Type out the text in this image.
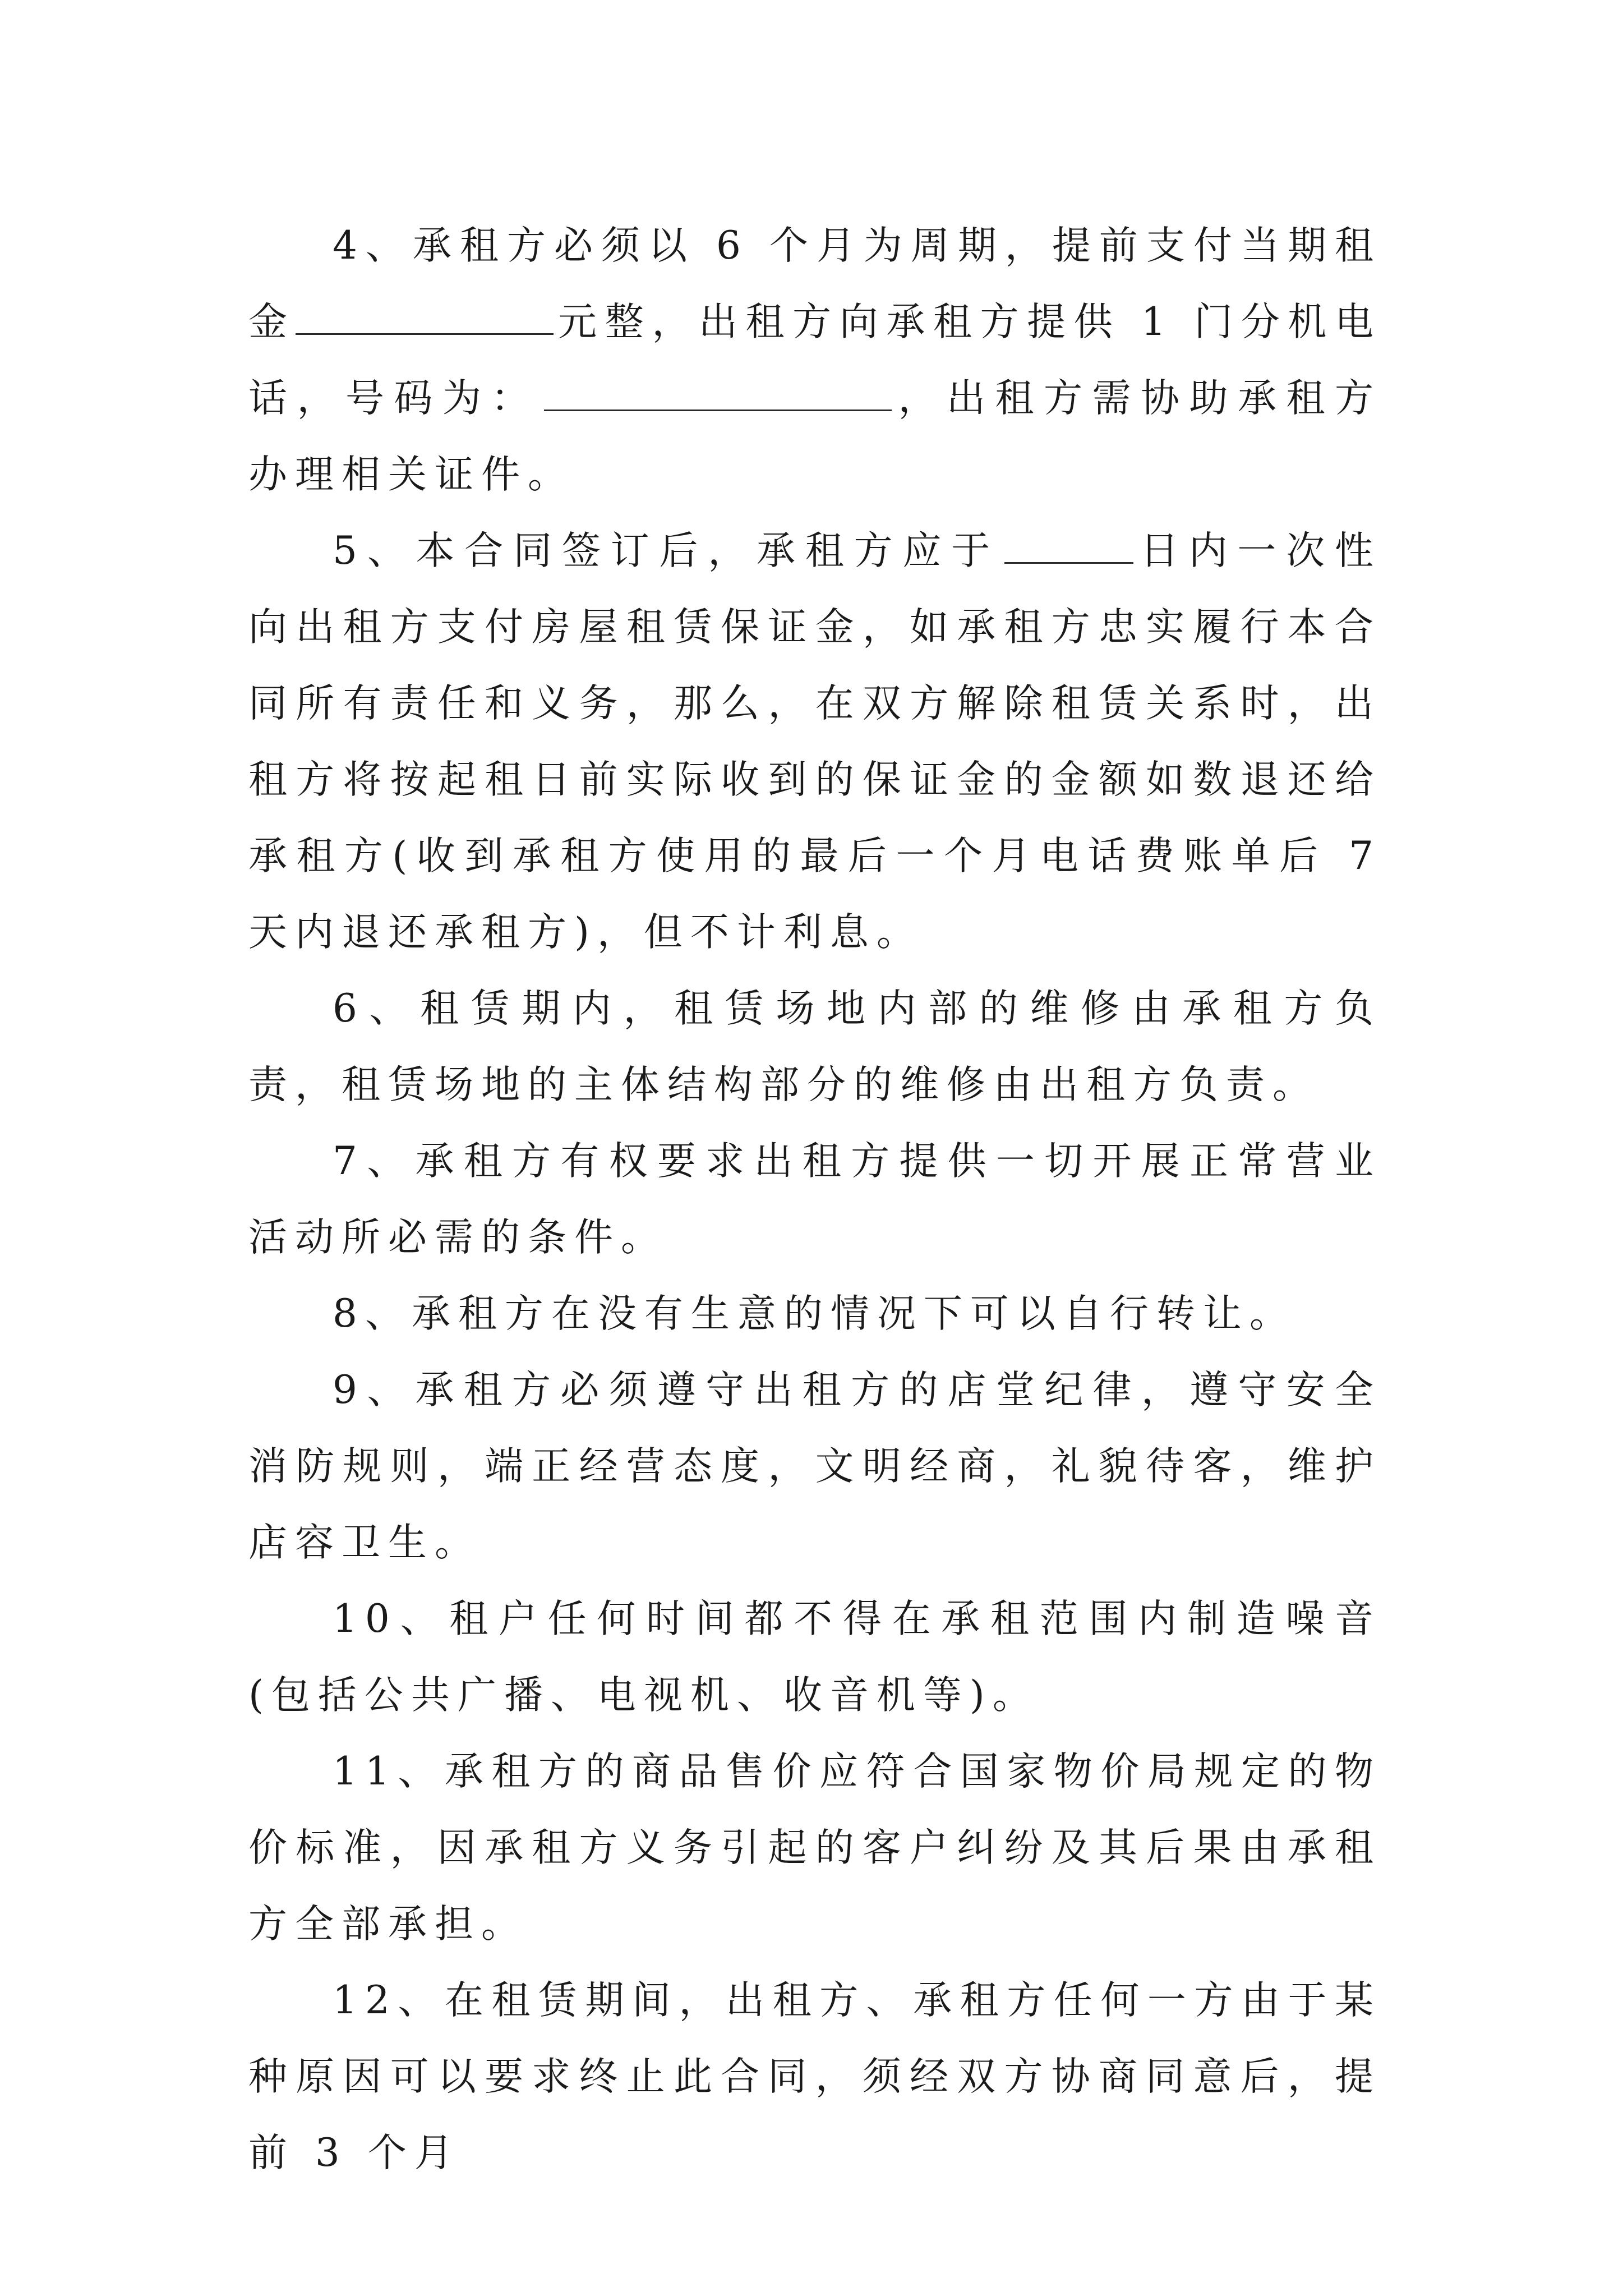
4、承租方必须以 6 个月为周期，提前支付当期租金	元整，出租方向承租方提供 1 门分机电话，号码为：	，出租方需协助承租方办理相关证件。

5、本合同签订后，承租方应于	日内一次性向出租方支付房屋租赁保证金，如承租方忠实履行本合同所有责任和义务，那么，在双方解除租赁关系时，出租方将按起租日前实际收到的保证金的金额如数退还给承租方(收到承租方使用的最后一个月电话费账单后 7 天内退还承租方)，但不计利息。

6、租赁期内，租赁场地内部的维修由承租方负责，租赁场地的主体结构部分的维修由出租方负责。

7、承租方有权要求出租方提供一切开展正常营业活动所必需的条件。

8、承租方在没有生意的情况下可以自行转让。

9、承租方必须遵守出租方的店堂纪律，遵守安全消防规则，端正经营态度，文明经商，礼貌待客，维护店容卫生。

10、租户任何时间都不得在承租范围内制造噪音(包括公共广播、电视机、收音机等)。

11、承租方的商品售价应符合国家物价局规定的物价标准，因承租方义务引起的客户纠纷及其后果由承租方全部承担。

12、在租赁期间，出租方、承租方任何一方由于某种原因可以要求终止此合同，须经双方协商同意后，提前 3 个月
